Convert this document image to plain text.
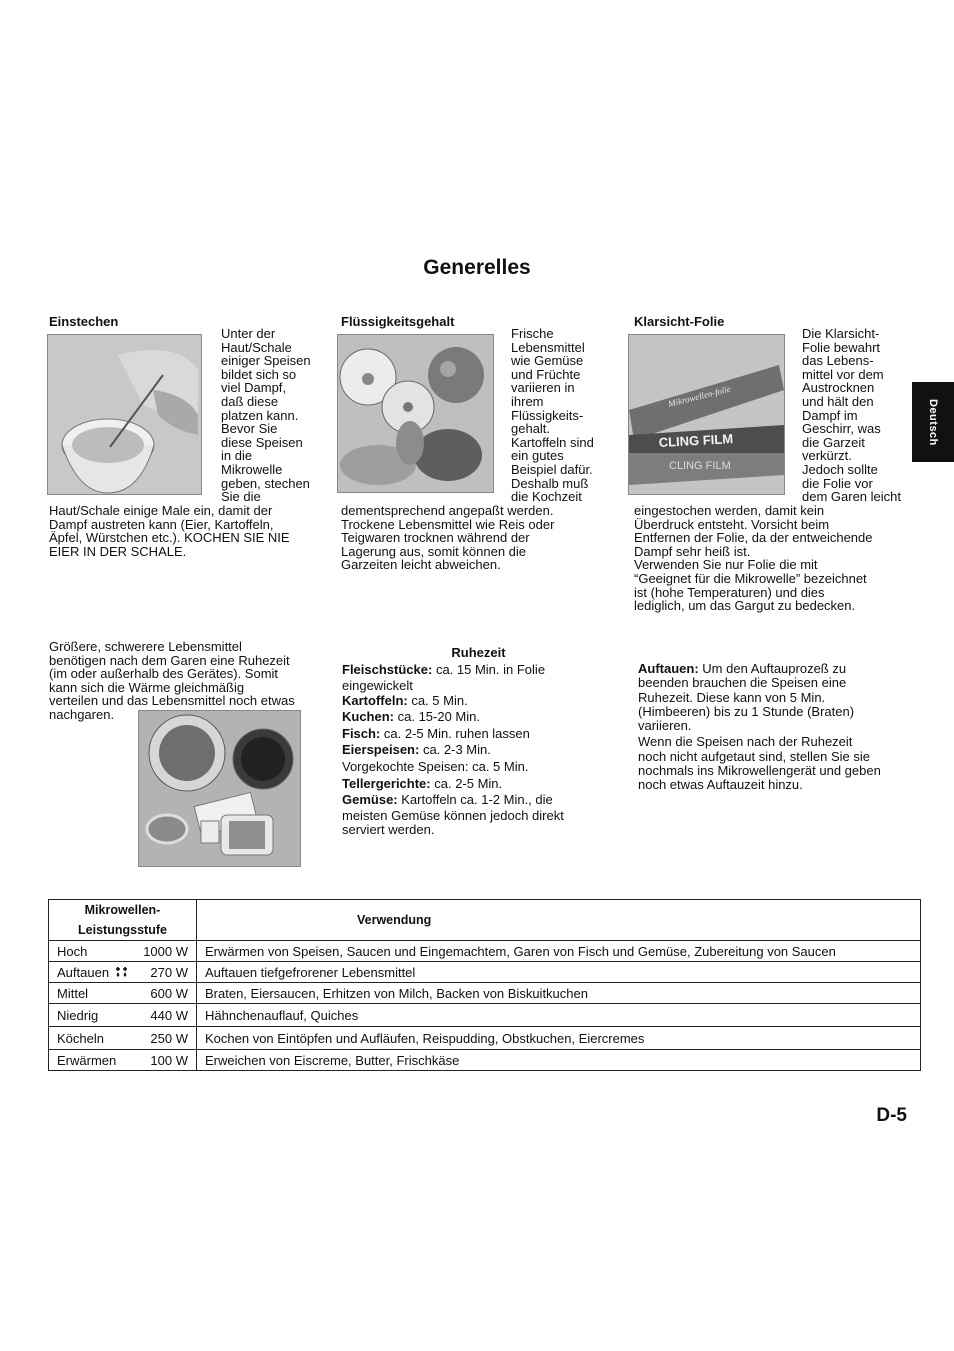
Generelles
Deutsch
Einstechen
Unter der
Haut/Schale
einiger Speisen
bildet sich so
viel Dampf,
daß diese
platzen kann.
Bevor Sie
diese Speisen
in die
Mikrowelle
geben, stechen
Sie die
Haut/Schale einige Male ein, damit der
Dampf austreten kann (Eier, Kartoffeln,
Äpfel, Würstchen etc.). KOCHEN SIE NIE
EIER IN DER SCHALE.
Flüssigkeitsgehalt
Frische
Lebensmittel
wie Gemüse
und Früchte
variieren in
ihrem
Flüssigkeits-
gehalt.
Kartoffeln sind
ein gutes
Beispiel dafür.
Deshalb muß
die Kochzeit
dementsprechend angepaßt werden.
Trockene Lebensmittel wie Reis oder
Teigwaren trocknen während der
Lagerung aus, somit können die
Garzeiten leicht abweichen.
Klarsicht-Folie
Mikrowellen-folie
CLING FILM
CLING FILM
Die Klarsicht-
Folie bewahrt
das Lebens-
mittel vor dem
Austrocknen
und hält den
Dampf im
Geschirr, was
die Garzeit
verkürzt.
Jedoch sollte
die Folie vor
dem Garen leicht
eingestochen werden, damit kein
Überdruck entsteht. Vorsicht beim
Entfernen der Folie, da der entweichende
Dampf sehr heiß ist.
Verwenden Sie nur Folie die mit
“Geeignet für die Mikrowelle” bezeichnet
ist (hohe Temperaturen) und dies
lediglich, um das Gargut zu bedecken.
Größere, schwerere Lebensmittel
benötigen nach dem Garen eine Ruhezeit
(im oder außerhalb des Gerätes). Somit
kann sich die Wärme gleichmäßig
verteilen und das Lebensmittel noch etwas
nachgaren.
Ruhezeit
Fleischstücke: ca. 15 Min. in Folie
eingewickelt
Kartoffeln: ca. 5 Min.
Kuchen: ca. 15-20 Min.
Fisch: ca. 2-5 Min. ruhen lassen
Eierspeisen: ca. 2-3 Min.
Vorgekochte Speisen: ca. 5 Min.
Tellergerichte: ca. 2-5 Min.
Gemüse: Kartoffeln ca. 1-2 Min., die
meisten Gemüse können jedoch direkt
serviert werden.
Auftauen: Um den Auftauprozeß zu
beenden brauchen die Speisen eine
Ruhezeit. Diese kann von 5 Min.
(Himbeeren) bis zu 1 Stunde (Braten)
variieren.
Wenn die Speisen nach der Ruhezeit
noch nicht aufgetaut sind, stellen Sie sie
nochmals ins Mikrowellengerät und geben
noch etwas Auftauzeit hinzu.
Mikrowellen-
Leistungsstufe	Verwendung
Hoch 1000 W	Erwärmen von Speisen, Saucen und Eingemachtem, Garen von Fisch und Gemüse, Zubereitung von Saucen
Auftauen 270 W	Auftauen tiefgefrorener Lebensmittel
Mittel 600 W	Braten, Eiersaucen, Erhitzen von Milch, Backen von Biskuitkuchen
Niedrig 440 W	Hähnchenauflauf, Quiches
Köcheln 250 W	Kochen von Eintöpfen und Aufläufen, Reispudding, Obstkuchen, Eiercremes
Erwärmen 100 W	Erweichen von Eiscreme, Butter, Frischkäse
D-5
